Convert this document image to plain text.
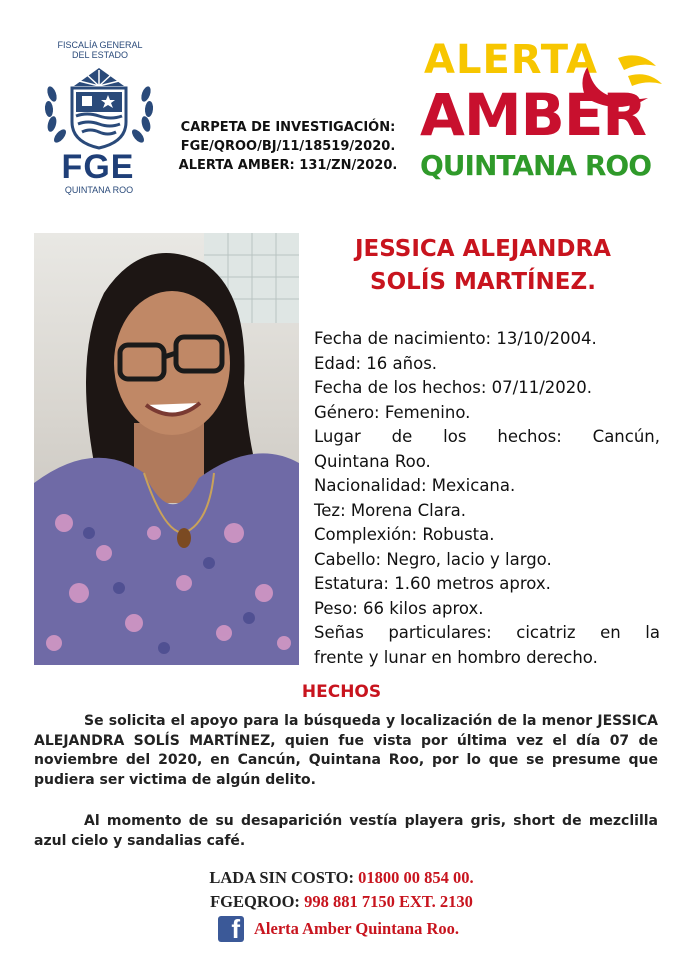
FISCALÍA GENERAL
DEL ESTADO
FGE
QUINTANA ROO
CARPETA DE INVESTIGACIÓN:
FGE/QROO/BJ/11/18519/2020.
ALERTA AMBER: 131/ZN/2020.
ALERTA
AMBER
QUINTANA ROO
JESSICA ALEJANDRA
SOLÍS MARTÍNEZ.
Fecha de nacimiento: 13/10/2004.
Edad: 16 años.
Fecha de los hechos: 07/11/2020.
Género: Femenino.
Lugar de los hechos: Cancún,
Quintana Roo.
Nacionalidad: Mexicana.
Tez: Morena Clara.
Complexión: Robusta.
Cabello: Negro, lacio y largo.
Estatura: 1.60 metros aprox.
Peso: 66 kilos aprox.
Señas particulares: cicatriz en la
frente y lunar en hombro derecho.
HECHOS
Se solicita el apoyo para la búsqueda y localización de la menor JESSICA ALEJANDRA SOLÍS MARTÍNEZ, quien fue vista por última vez el día 07 de noviembre del 2020, en Cancún, Quintana Roo, por lo que se presume que pudiera ser victima de algún delito.
Al momento de su desaparición vestía playera gris, short de mezclilla azul cielo y sandalias café.
LADA SIN COSTO: 01800 00 854 00.
FGEQROO: 998 881 7150 EXT. 2130
f Alerta Amber Quintana Roo.
